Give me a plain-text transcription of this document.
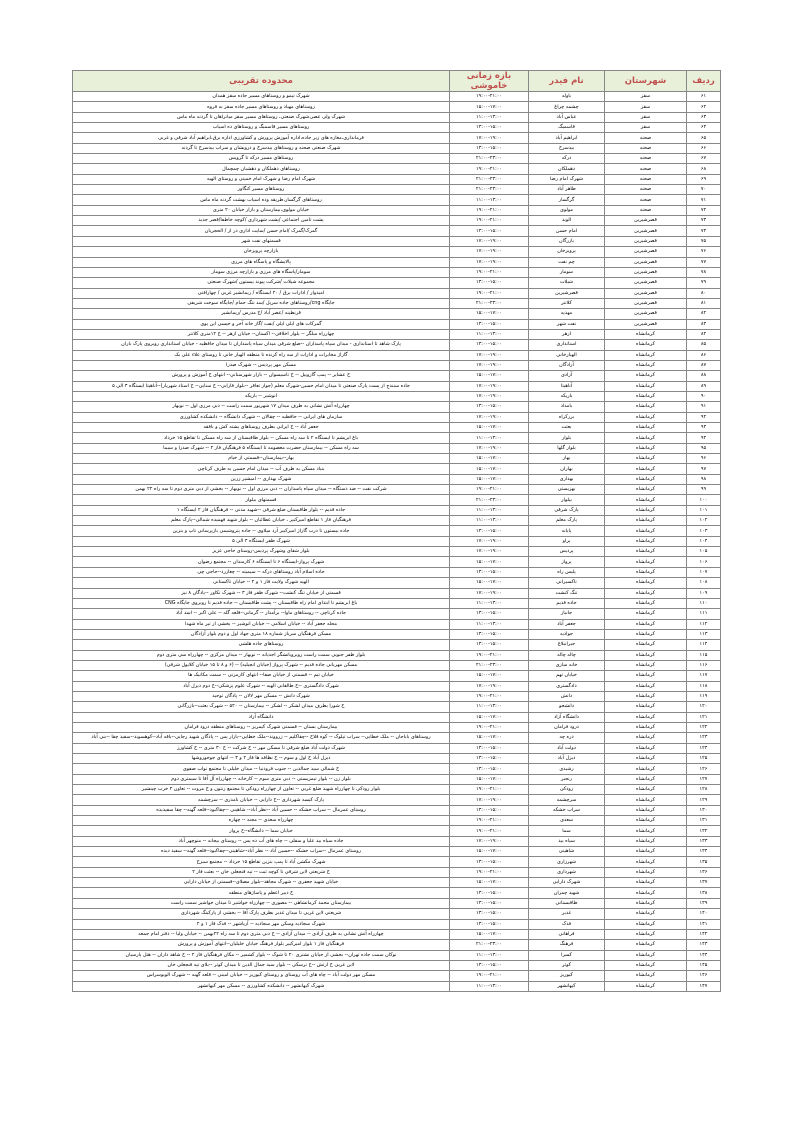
ردیف	شهرستان	نام فیدر	بازه زمانی خاموشی	محدوده تقریبی
۶۱	سقز	باوله	۱۹:۰۰-۲۱:۰۰	شهرک تیمو و روستاهای مسیر جاده سقز همدان
۶۲	سقز	چشمه چراغ	۱۵:۰۰-۱۷:۰۰	روستاهای مهباد و روستاهای مسیر جاده سقز به قروه
۶۳	سقز	عباس آباد	۱۱:۰۰-۱۳:۰۰	شهرک ولی عصر،شهرک صنعتی، روستاهای مسیر سقز میانراهان تا گردنه ماه ماس
۶۴	سقز	قاسمبگ	۱۳:۰۰-۱۵:۰۰	روستاهای مسیر قاسمبگ و روستاهای ده اسیاب
۶۵	صحنه	ابراهیم آباد	۱۷:۰۰-۱۹:۰۰	فرمانداری،مغازه های زیر جاده،اداره آموزش پرورش و کشاورزی اداره برق،ابراهیم آباد شرقی و غربی
۶۶	صحنه	بیدسرخ	۱۳:۰۰-۱۵:۰۰	شهرک صنعتی صحنه و روستاهای بیدسرخ و درویشان و سراب بیدسرخ تا گردنه
۶۷	صحنه	درکه	۲۱:۰۰-۲۳:۰۰	روستاهای مسیر درکه تا گرویس
۶۸	صحنه	دهملکان	۱۹:۰۰-۲۱:۰۰	روستاهای دهملکان و دهشبان چمچمال
۶۹	صحنه	شهرک امام رضا	۲۱:۰۰-۲۳:۰۰	شهرک امام رضا و شهرک امام خمینی و روستای الهیه
۷۰	صحنه	طاهر آباد	۲۱:۰۰-۲۳:۰۰	روستاهای مسیر کنگاور
۷۱	صحنه	گرگسار	۱۱:۰۰-۱۳:۰۰	روستاهای گرگسار،طریقه وده اسیاب بهشت گردنه ماه ماس
۷۲	صحنه	مولوی	۱۹:۰۰-۲۱:۰۰	خیابان مولوی،بیمارستان و بازار خیابان ۲۰ متری
۷۳	قصرشیرین	الوند	۱۹:۰۰-۲۱:۰۰	پشت تامین اجتماعی /پشت شهرداری /کوچه خاطفا/قصر جدید
۷۴	قصرشیرین	امام حسن	۱۳:۰۰-۱۵:۰۰	گمرک/گمرک /امام حسن /سایت اداری در از / الحجریان
۷۵	قصرشیرین	بازرگان	۱۷:۰۰-۱۹:۰۰	قسمتهای نفت شهر
۷۶	قصرشیرین	پرویزخان	۱۷:۰۰-۱۹:۰۰	بازارچه پرویزخان
۷۷	قصرشیرین	چم نفت	۱۷:۰۰-۱۹:۰۰	پالایشگاه و پاسگاه های مرزی
۷۸	قصرشیرین	سومار	۱۹:۰۰-۲۱:۰۰	سومار/پاسگاه های مرزی و بازارچه مرزی سومار
۷۹	قصرشیرین	شیلات	۱۳:۰۰-۱۵:۰۰	مجموعه شیلات /شرکت پیوند بیستون /شهرک صنعتی
۸۰	قصرشیرین	قصرشیرین	۱۹:۰۰-۲۱:۰۰	امیدوار / ادارات برق / ۲۰ ایستگاه / ریمانشیر غربی / چهارافتی
۸۱	قصرشیرین	کلانتر	۲۱:۰۰-۲۳:۰۰	جایگاه cng/روستاهای جاده سرپل /سد تنگ حمام /جایگاه سوخت شریفی
۸۲	قصرشیرین	مهدیه	۱۵:۰۰-۱۷:۰۰	قرنطینه /عصر آباد /خ مدرس /ریمانشیر
۸۳	قصرشیرین	نفت شهر	۱۳:۰۰-۱۵:۰۰	گمرکات های ایلی ایلی /نفت /گاز خانه آخر و حیسی این یوی
۸۴	کرمانشاه	ازهر	۱۱:۰۰-۱۳:۰۰	چهارراه مبلگر -- بلوار اخلاقی-- اکستان-- خیابان ازهر -- خ ۱۲متری کلانتر
۸۵	کرمانشاه	استانداری	۱۳:۰۰-۱۵:۰۰	پارک شاهد تا استانداری - میدان سپاه پاسداران --ضلع شرقی میدان سپاه پاسداران تا میدان حافظیه - خیابان استانداری روبروی پارک باران
۸۶	کرمانشاه	الهیارخانی	۱۷:۰۰-۱۹:۰۰	گاراژ مخابرات و ادارات از سه راه کرنده تا منطقه الهیار خانی تا روستای علاء علی بک
۸۷	کرمانشاه	آزادگان	۱۷:۰۰-۱۹:۰۰	مسکن مهر پردیس -- شهرک صدرا
۸۸	کرمانشاه	آزادی	۱۵:۰۰-۱۷:۰۰	خ عشایر -- پمپ گازوییل -- خ تاسیسوان -- بازار شهرستانی-- انتهای خ آموزش و پرورش
۸۹	کرمانشاه	آناهیتا	۱۷:۰۰-۱۹:۰۰	جاده سنندج از پست پارک صنعتی تا میدان امام حسین-شهرک معلم (جوار تعاقر --بلوار فارابی-- خ سنایی-- خ استاد شهریار)--آناهیتا ایستگاه ۳ الی ۵
۹۰	کرمانشاه	باریکه	۱۷:۰۰-۱۹:۰۰	انوشیر -- باریکه
۹۱	کرمانشاه	بامداد	۱۳:۰۰-۱۵:۰۰	چهارراه آتش نشانی به طرف میدان ۱۷ شهریور سمت راست -- دبی مرزی اول -- نوبهار
۹۲	کرمانشاه	برزکراه	۱۷:۰۰-۱۹:۰۰	سازمان های ایرانی -- حافظیه -- چقالان -- شهرک دانشگاه -- دانشکده کشاورزی
۹۳	کرمانشاه	بعثت	۱۵:۰۰-۱۷:۰۰	جعفر آباد -- خ ایرانی بطرف روستاهای پشته کش و بافقه
۹۴	کرمانشاه	بلوار	۱۱:۰۰-۱۳:۰۰	باغ ابریشم تا ایستگاه ۲ تا سه راه مسکن -- بلوار طاقبستان از سه راه مسکن تا تقاطع ۱۵ خرداد
۹۵	کرمانشاه	بلوار گلها	۱۷:۰۰-۱۹:۰۰	سه راه مسکن -- بیمارستان حضرت معصومه تا ایستگاه ۵ فرهنگیان فاز ۲ -- شهرک صدرا و سیما
۹۶	کرمانشاه	بهار	۱۵:۰۰-۱۷:۰۰	بهار--بیمارستان--قسمتی از خیام
۹۷	کرمانشاه	بهاران	۱۵:۰۰-۱۷:۰۰	بنیاد مسکن به طرف آب -- میدان امام حسین به طرف کرناچی
۹۸	کرمانشاه	بهداری	۱۵:۰۰-۱۷:۰۰	شهرک بهداری -- امیشیر زرین
۹۹	کرمانشاه	بهزیستی	۱۹:۰۰-۲۱:۰۰	شرکت نفت -- ضد دستگاه -- میدان سپاه پاسداران -- دبی مرزی اول -- نوبهار -- بخشی از دبی متری دوم تا سه راه ۲۲ بهمن
۱۰۰	کرمانشاه	بیلوار	۲۱:۰۰-۲۳:۰۰	قسمتهای بیلوار
۱۰۱	کرمانشاه	پارک شرقی	۱۱:۰۰-۱۳:۰۰	جاده قدیم -- بلوار طاقبستان ضلع شرقی --شهید مدنی -- فرهنگیان فاز ۲ ایستگاه ۱
۱۰۲	کرمانشاه	پارک معلم	۱۱:۰۰-۱۳:۰۰	فرهنگیان فاز ۱ تقاطع امیرکبیر ، خیابان عطائیان -- بلوار شهید فهمیده شمالی--پارک معلم
۱۰۳	کرمانشاه	پایانه	۱۳:۰۰-۱۵:۰۰	جاده بیستون تا درب گاراژ امیرکبیر آرد میلاوی -- جاده پتروشیمی بازپرسانی تاپ و بنزین
۱۰۴	کرمانشاه	پراو	۱۷:۰۰-۱۹:۰۰	شهرک ظفر ایستگاه ۳ الی ۵
۱۰۵	کرمانشاه	پردیس	۱۷:۰۰-۱۹:۰۰	بلوار شفای وشهرک پردیس-روستای حاجی عزیز
۱۰۶	کرمانشاه	پرواز	۱۵:۰۰-۱۷:۰۰	شهرک پرواز-ایستگاه ۶ تا ایستگاه ۶ کارمندان -- مجتمع رضوان
۱۰۷	کرمانشاه	پلیس راه	۱۳:۰۰-۱۵:۰۰	جاده اسلام آباد روستاهای درکه -- سیمیته -- چغازرد--حاجی چی
۱۰۸	کرمانشاه	تاکسیرانی	۱۵:۰۰-۱۷:۰۰	الهیه شهرک ولایت فاز ۱ و ۲ -- خیابان تاکستانی
۱۰۹	کرمانشاه	تنگ کنشت	۱۷:۰۰-۱۹:۰۰	قسمتی از خیابان تنگ کنشت-- شهرک ظفر فاز ۳ -- شهرک تکاور --پادگان ۸ نیز
۱۱۰	کرمانشاه	جاده قدیم	۱۱:۰۰-۱۳:۰۰	باغ ابریشم تا ابتدای امام راه طاقبستان -- پشت طاقبستان -- جاده قدیم تا روبروی جایگاه CNG
۱۱۱	کرمانشاه	جانباز	۱۳:۰۰-۱۵:۰۰	جاده کرناچی -- روستاهای ماوا-- برآمدار -- گرمانی--قلعه گله -- علی اکبر -- اسد آباد
۱۱۲	کرمانشاه	جعفر آباد	۱۱:۰۰-۱۳:۰۰	محله جعفر آباد -- خیابان اسلامی -- خیابان انوشیر -- بخشی از تیر ماه شهدا
۱۱۳	کرمانشاه	جوادیه	۱۳:۰۰-۱۵:۰۰	مسکن فرهنگیان سرباز شماره ۱۸ متری جهاد اول و دوم بلوار آزادگان
۱۱۴	کرمانشاه	جیرانبلاغ	۱۳:۰۰-۱۵:۰۰	روستاهای جاده هلشی
۱۱۵	کرمانشاه	چاله چاله	۱۹:۰۰-۲۱:۰۰	بلوار ظفر جنوبی سمت راست روبروبانشگر اجدیانه -- نوبهار -- میدان مرکزی -- چهارراه سی متری دوم
۱۱۶	کرمانشاه	خانه سازی	۲۱:۰۰-۲۳:۰۰	مسکن مهربانی جاده قدیم -- شهرک پرواز (خیابان انجیلیه) -- (۶ و ۸ تا ۱۵ خیابان کلایول شرقی)
۱۱۷	کرمانشاه	خیابان تهم	۱۵:۰۰-۱۷:۰۰	خیابان تیم -- قسمتی از خیابان صفا-- انتهای کارمزنی -- سمت مکانیک ها
۱۱۸	کرمانشاه	دادگستری	۱۷:۰۰-۱۹:۰۰	شهرک دادگستری --خ طالقانی الهیه -- شهرک علوم پزشکی--خ دوم دیزل آباد
۱۱۹	کرمانشاه	دانش	۱۹:۰۰-۲۱:۰۰	شهرک دانش -- مسکن مهر لالان -- پادگان توحید
۱۲۰	کرمانشاه	دانشجو	۱۱:۰۰-۱۳:۰۰	خ شورا بطرف میدان لشکر -- لشکر -- بیمارستان -- ۵۲۰ -- شهرک بعثت--بازرگانی
۱۲۱	کرمانشاه	دانشگاه آزاد	۱۵:۰۰-۱۷:۰۰	دانشگاه آزاد
۱۲۲	کرمانشاه	درود فرامان	۱۹:۰۰-۲۱:۰۰	بیمارستان بستان -- قسمتی شهرک کیمریز -- روستاهای منطقه درود فرامان
۱۲۳	کرمانشاه	دره چه	۱۵:۰۰-۱۷:۰۰	روستاهای باباجان -- ملک خطایی-- سراب تیلوک -- کوه قلاخ --چقاکلیم -- زرووند--ملک خطایی--بازار پس -- پادگان شهید رجایی--باقه آباد--کوهسوند--سفید چقا --بنی آباد
۱۲۴	کرمانشاه	دولت آباد	۱۳:۰۰-۱۵:۰۰	شهرک دولت آباد ضلع شرقی تا مسکن مهر -- خ شرکت -- خ ۳۰ متری -- خ کشاورز
۱۲۵	کرمانشاه	دیزل آباد	۱۳:۰۰-۱۵:۰۰	دیزل آباد خ اول و سوم -- خ نظافه ها فاز ۲ و ۳ -- انتهای جوخوروشها
۱۲۶	کرمانشاه	رشیدی	۱۳:۰۰-۱۵:۰۰	خ شمالی سید جمالدین -- جنوب فرودنیا -- میدان خلیلی تا مجتمع نواب صفوی
۱۲۷	کرمانشاه	رنجبر	۱۵:۰۰-۱۷:۰۰	بلوار زن -- بلوار تیمزیستی -- دبی متری سوم -- کارخانه -- چهارراه آل آقا تا سیمتری دوم
۱۲۸	کرمانشاه	رودکی	۱۹:۰۰-۲۱:۰۰	بلوار رودکی تا چهارراه شهید ضلع غربی -- تعاون از چهارراه رودکی تا مجتمع زنتون و خ مروت -- تعاون ۲ خرب چینشیر
۱۲۹	کرمانشاه	سرچشمه	۱۷:۰۰-۱۹:۰۰	پارک کیسه شهرداری --خ دارایی -- خیابان نامدری -- سرچشمه
۱۳۰	کرمانشاه	سراب خشکه	۱۳:۰۰-۱۵:۰۰	روستای عمرمال -- سراب خشکه -- حسین آباد --نظر آباد-- شاهینی --چقاکبود--قلعه گهنه-- چقا سفیدیده
۱۳۱	کرمانشاه	سعدی	۱۹:۰۰-۲۱:۰۰	چهارراه سعدی -- مجنه -- چهاره
۱۳۲	کرمانشاه	سما	۱۹:۰۰-۲۱:۰۰	خیابان سما -- دانشگاه--خ پرواز
۱۳۳	کرمانشاه	سیاه بید	۱۷:۰۰-۱۹:۰۰	جاده سیاه بید علیا و سفلی -- چاه های آب ده پس -- روستای بیجانه -- منوچهر آباد
۱۳۴	کرمانشاه	شاهینی	۱۵:۰۰-۱۷:۰۰	روستای عمرمال --سراب خشکه --حسین آباد -- نظر آباد--شاهینی--چقاکبود--قلعه گهنه-- سفید دیده
۱۳۵	کرمانشاه	شهرزاری	۱۳:۰۰-۱۵:۰۰	شهرک مکشن آباد تا پمپ بنزین تقاطع ۱۵ خرداد -- مجتمع سبزخ
۱۳۶	کرمانشاه	شهرداری	۱۹:۰۰-۲۱:۰۰	خ شریعتی لاین شرقی تا کوچه ثبت -- تپه قنجعلی خان -- بعثت فاز ۲
۱۳۷	کرمانشاه	شهرک دارایی	۱۵:۰۰-۱۷:۰۰	خیابان شهید جعفری -- شهرک مجاهد--بلوار مصلای--قسمتی از خیابان دارایی
۱۳۸	کرمانشاه	شهید چمران	۱۳:۰۰-۱۵:۰۰	خ دبیر اعظم و پاساژهای منطقه
۱۳۹	کرمانشاه	طاقبستانی	۱۳:۰۰-۱۵:۰۰	بیمارستان محمد کرمانشاهی -- مصوری -- چهارراه خواشیر تا میدان خواشیر سمت راست
۱۴۰	کرمانشاه	غدیر	۱۳:۰۰-۱۵:۰۰	شریعتی لاین غربی تا میدان غدیر بطرف پارک آقا -- بخشی از پارکینگ شهرداری
۱۴۱	کرمانشاه	فدک	۱۳:۰۰-۱۵:۰۰	شهرک سجادیه وسکن مهر سجادیه -- آریاشهر -- فدک فاز ۱ و ۲
۱۴۲	کرمانشاه	فراهانی	۱۵:۰۰-۱۷:۰۰	چهارراه آتش نشانی به طرف آزادی -- میدان آزادی -- خ دبی متری دوم تا سه راه ۲۲بهمن -- خیابان ولیا -- دفتر امام جمعه
۱۴۳	کرمانشاه	فرهنگ	۲۱:۰۰-۲۳:۰۰	فرهنگیان فاز ۱ بلوار امیرکبیر بلوار فرهنگ خیابان خلیلیان--انتهای آموزش و پرورش
۱۴۴	کرمانشاه	کسرا	۱۱:۰۰-۱۳:۰۰	نوکان سمت جاده تهران-- بخشی از خیابان نشتری ۲۰ تا شوک -- بلوار کشمیر -- مکان فرهنگیان فاز ۲ -- خ شاهد داران -- هتل پارسیان
۱۴۵	کرمانشاه	کوثر	۱۳:۰۰-۱۵:۰۰	لاین غربی خ ارتش --خ نرسکی -- بلوار سید جمال الدین تا میدان کوثر --بلای تپه قنجعلی خان
۱۴۶	کرمانشاه	کیوریز	۱۹:۰۰-۲۱:۰۰	مسکن مهر دولت آباد -- چاه های آب روستای و روستای کیوریز -- خیابان امینی -- قلعه گهنه -- شهرک الوبوسراس
۱۴۷	کرمانشاه	کیهانشهر	۱۱:۰۰-۱۳:۰۰	شهرک کیهانشهر -- دانشکده کشاورزی -- مسکن مهر کیهانشهر
